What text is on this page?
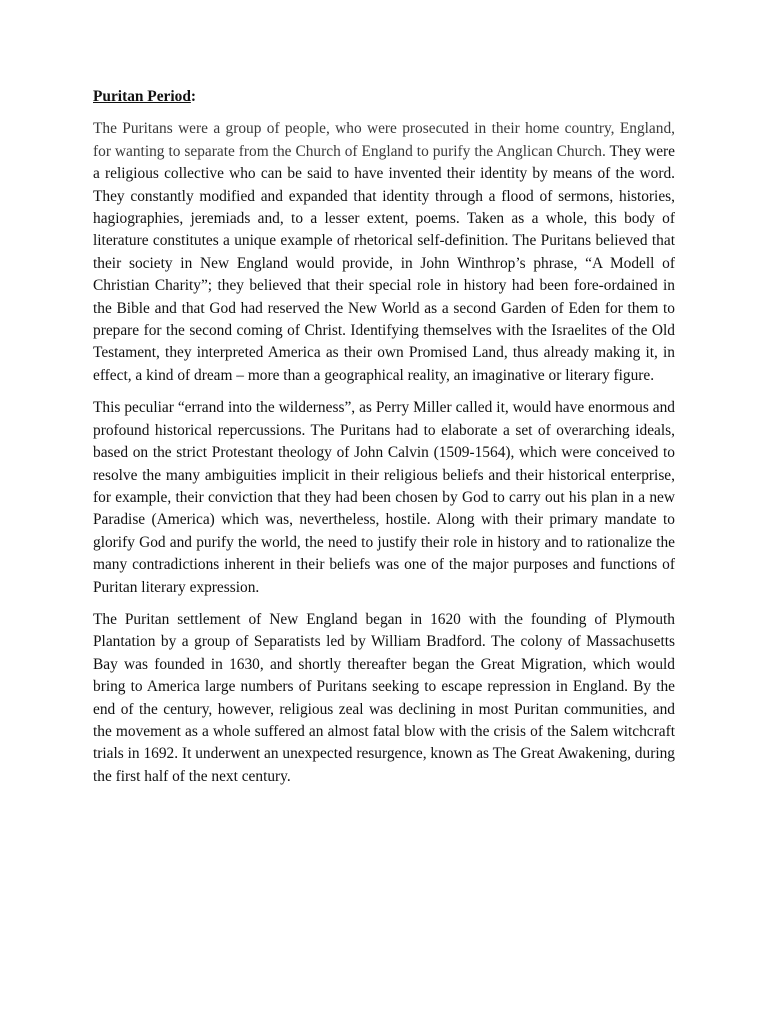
Puritan Period:

The Puritans were a group of people, who were prosecuted in their home country, England, for wanting to separate from the Church of England to purify the Anglican Church. They were a religious collective who can be said to have invented their identity by means of the word. They constantly modified and expanded that identity through a flood of sermons, histories, hagiographies, jeremiads and, to a lesser extent, poems. Taken as a whole, this body of literature constitutes a unique example of rhetorical self-definition. The Puritans believed that their society in New England would provide, in John Winthrop’s phrase, “A Modell of Christian Charity”; they believed that their special role in history had been fore-ordained in the Bible and that God had reserved the New World as a second Garden of Eden for them to prepare for the second coming of Christ. Identifying themselves with the Israelites of the Old Testament, they interpreted America as their own Promised Land, thus already making it, in effect, a kind of dream – more than a geographical reality, an imaginative or literary figure.

This peculiar “errand into the wilderness”, as Perry Miller called it, would have enormous and profound historical repercussions. The Puritans had to elaborate a set of overarching ideals, based on the strict Protestant theology of John Calvin (1509-1564), which were conceived to resolve the many ambiguities implicit in their religious beliefs and their historical enterprise, for example, their conviction that they had been chosen by God to carry out his plan in a new Paradise (America) which was, nevertheless, hostile. Along with their primary mandate to glorify God and purify the world, the need to justify their role in history and to rationalize the many contradictions inherent in their beliefs was one of the major purposes and functions of Puritan literary expression.

The Puritan settlement of New England began in 1620 with the founding of Plymouth Plantation by a group of Separatists led by William Bradford. The colony of Massachusetts Bay was founded in 1630, and shortly thereafter began the Great Migration, which would bring to America large numbers of Puritans seeking to escape repression in England. By the end of the century, however, religious zeal was declining in most Puritan communities, and the movement as a whole suffered an almost fatal blow with the crisis of the Salem witchcraft trials in 1692. It underwent an unexpected resurgence, known as The Great Awakening, during the first half of the next century.
